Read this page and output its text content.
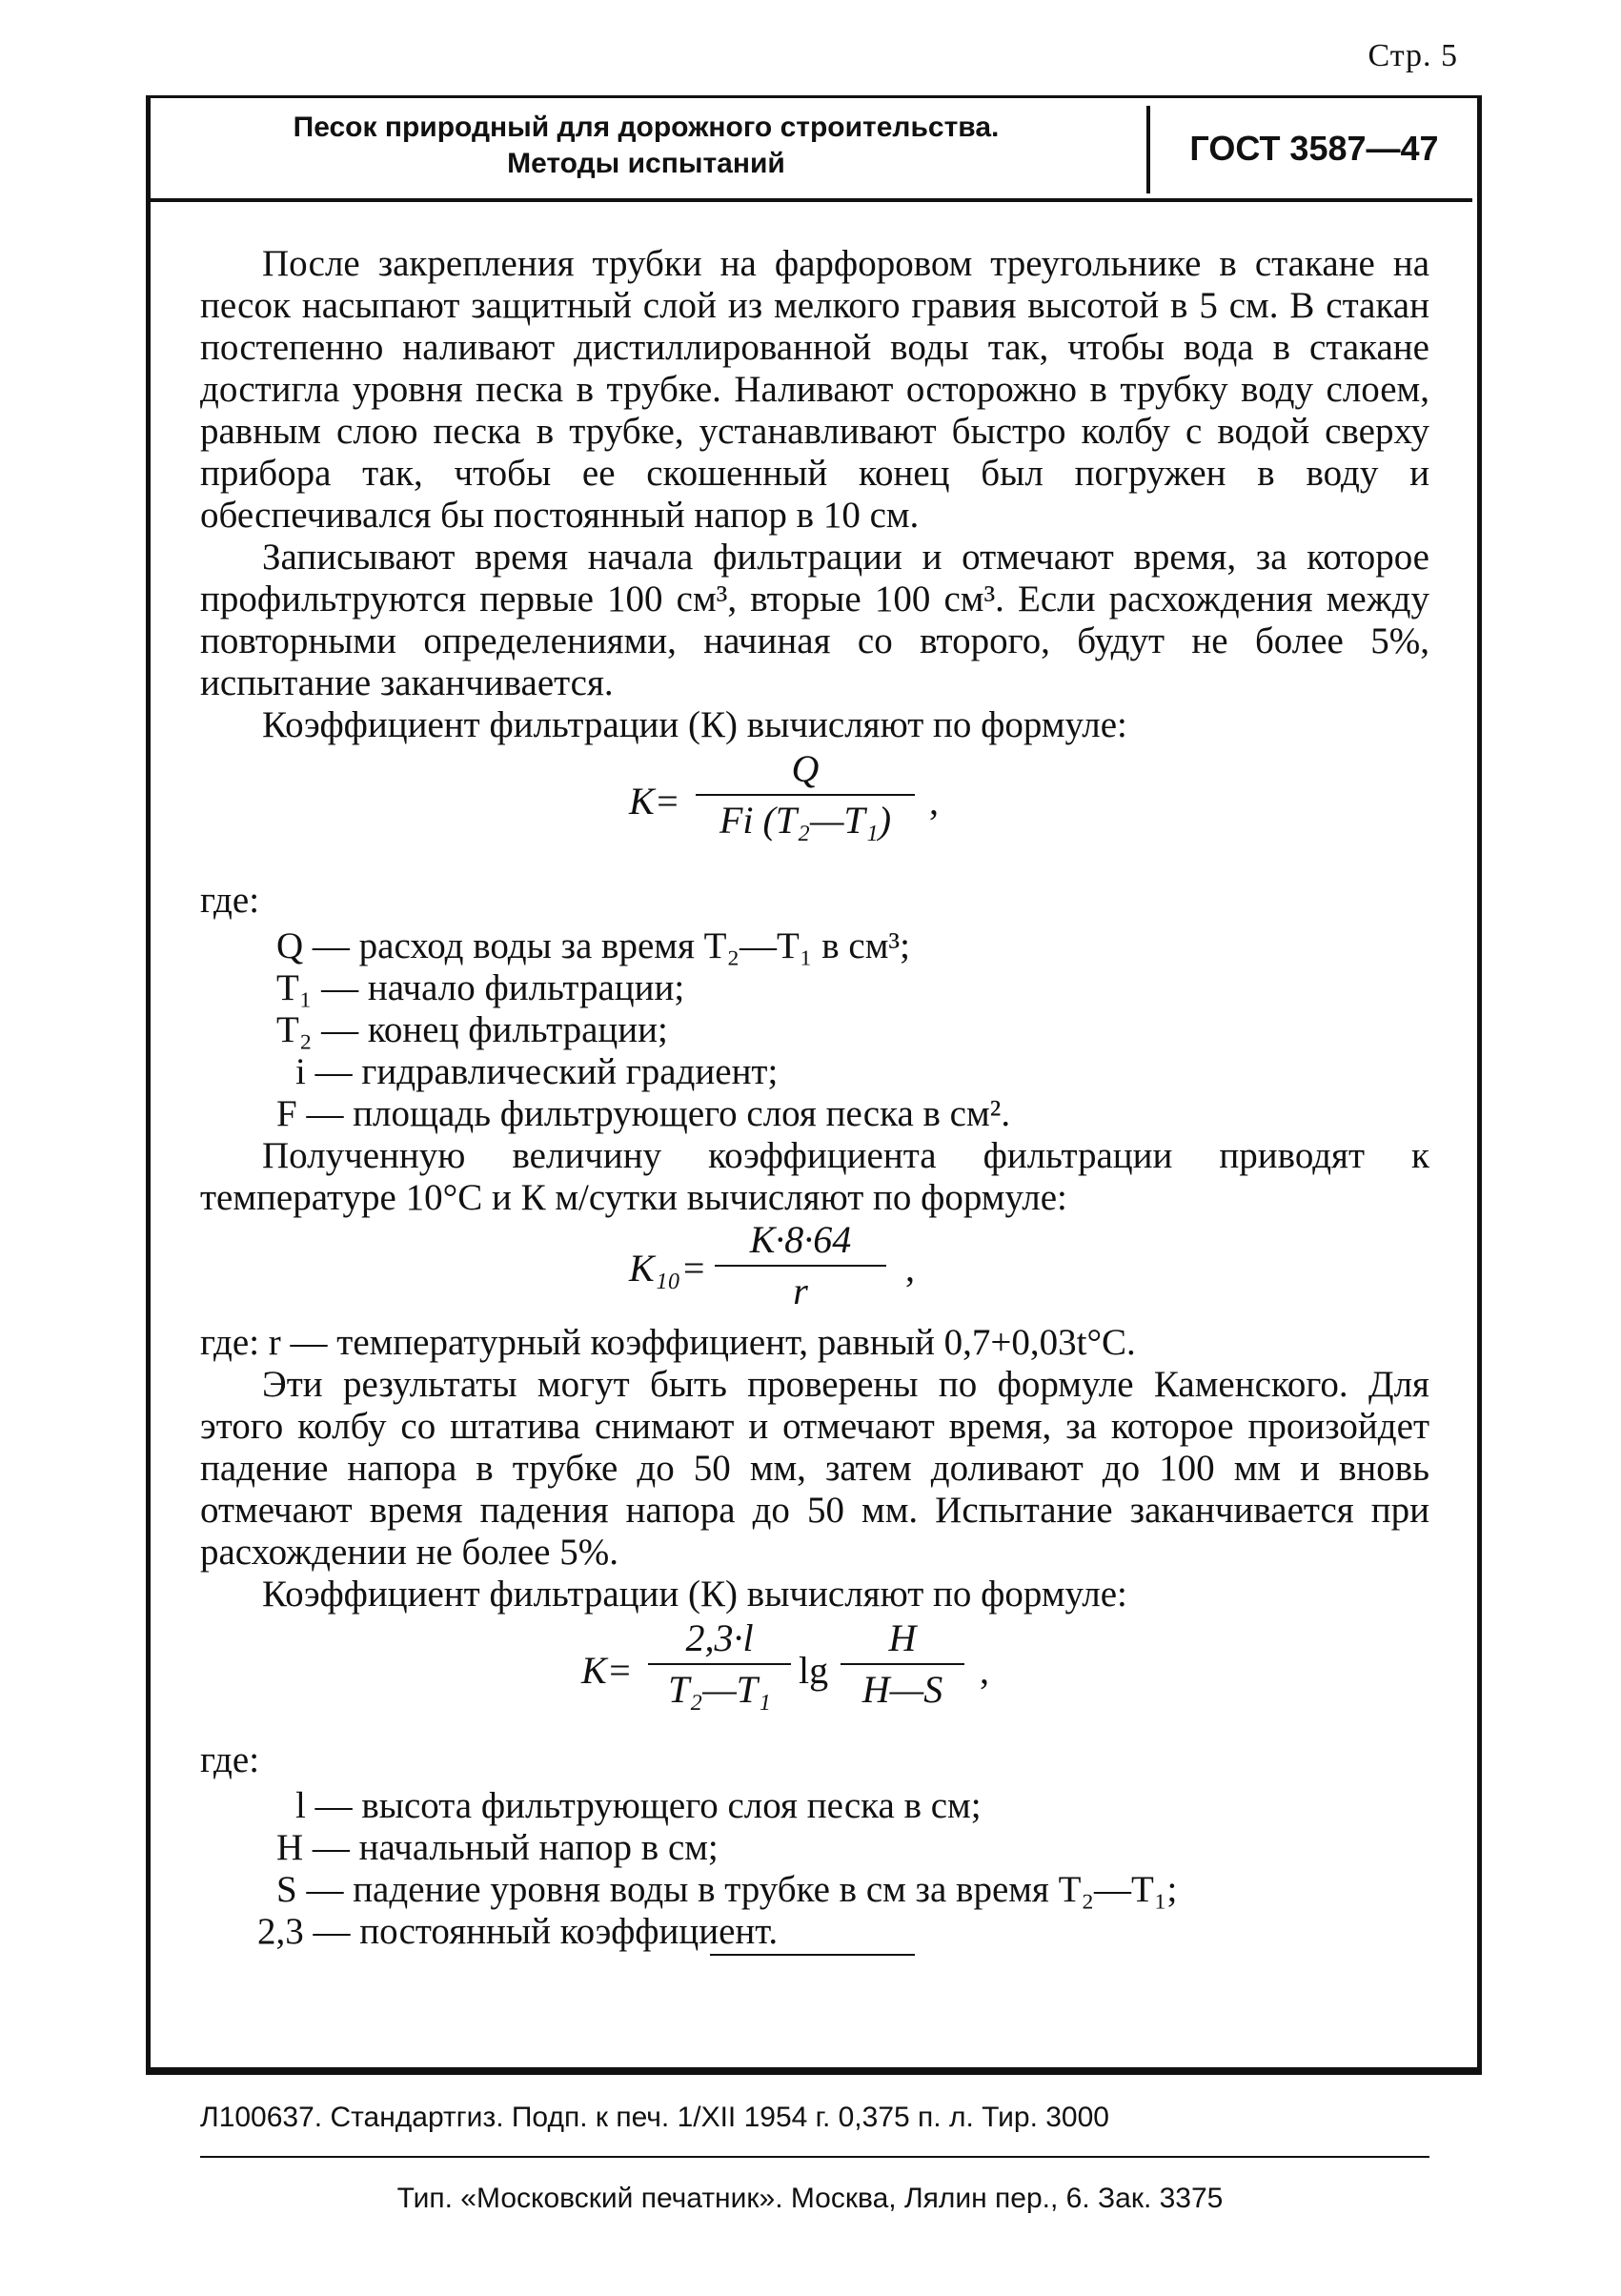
Стр. 5
Песок природный для дорожного строительства.
Методы испытаний	ГОСТ 3587—47

После закрепления трубки на фарфоровом треугольнике в стакане на песок насыпают защитный слой из мелкого гравия высотой в 5 см. В стакан постепенно наливают дистиллированной воды так, чтобы вода в стакане достигла уровня песка в трубке. Наливают осторожно в трубку воду слоем, равным слою песка в трубке, устанавливают быстро колбу с водой сверху прибора так, чтобы ее скошенный конец был погружен в воду и обеспечивался бы постоянный напор в 10 см.

Записывают время начала фильтрации и отмечают время, за которое профильтруются первые 100 см³, вторые 100 см³. Если расхождения между повторными определениями, начиная со второго, будут не более 5%, испытание заканчивается.

Коэффициент фильтрации (К) вычисляют по формуле:

$К= \frac{Q}{\text{Fi (T₂—T₁)}}$ ,

где:

Q — расход воды за время T₂—T₁ в см³;

T₁ — начало фильтрации;

T₂ — конец фильтрации;

i — гидравлический градиент;

F — площадь фильтрующего слоя песка в см².

Полученную величину коэффициента фильтрации приводят к температуре 10°С и К м/сутки вычисляют по формуле:

К₁₀=
К·8·64
r
,

где: r — температурный коэффициент, равный 0,7+0,03t°С.

Эти результаты могут быть проверены по формуле Каменского. Для этого колбу со штатива снимают и отмечают время, за которое произойдет падение напора в трубке до 50 мм, затем доливают до 100 мм и вновь отмечают время падения напора до 50 мм. Испытание заканчивается при расхождении не более 5%.

Коэффициент фильтрации (К) вычисляют по формуле:

$К= \frac{2,3\cdot l}{\text{T₂—T₁}}$ $\lg \frac{H}{H—S}$ ,

где:

l — высота фильтрующего слоя песка в см;

H — начальный напор в см;

S — падение уровня воды в трубке в см за время T₂—T₁;

2,3 — постоянный коэффициент.

Л100637. Стандартгиз. Подп. к печ. 1/XII 1954 г. 0,375 п. л. Тир. 3000
Тип. «Московский печатник». Москва, Лялин пер., 6. Зак. 3375
